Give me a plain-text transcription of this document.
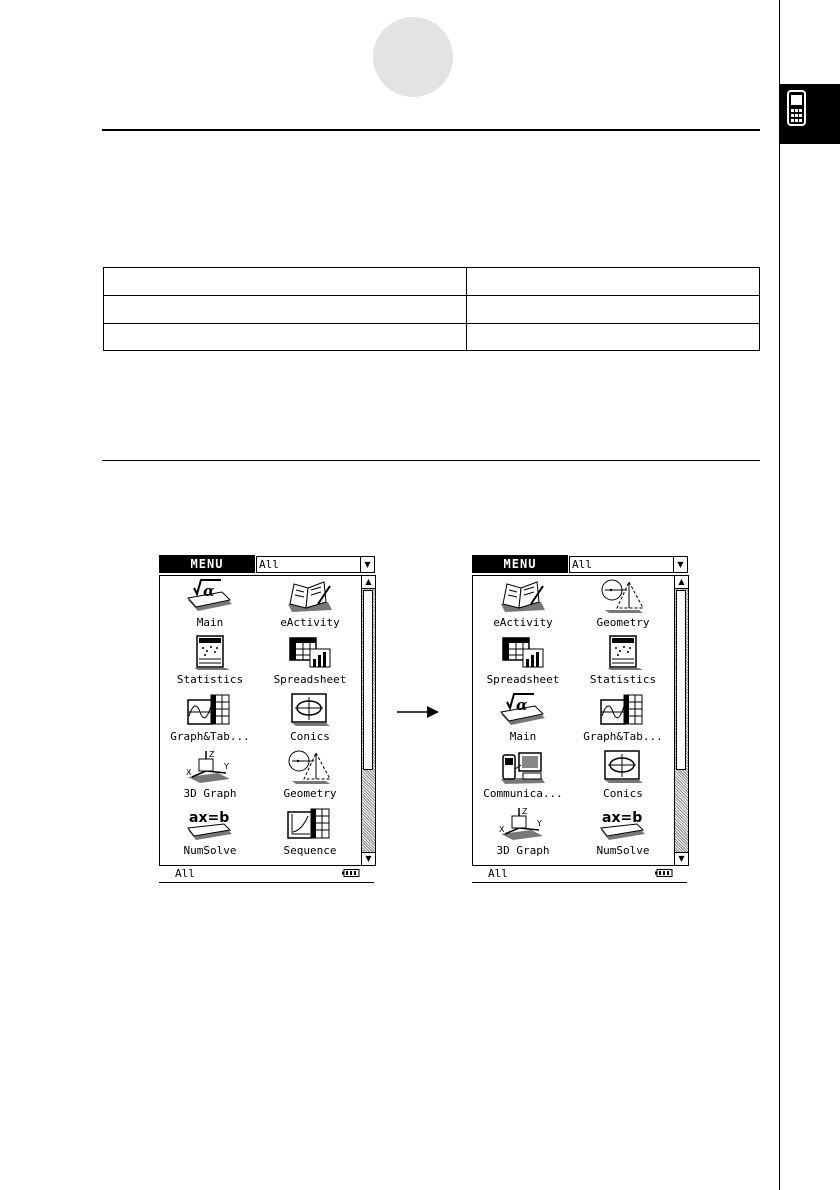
MENU	All	▼
α
Main	eActivity
Statistics	Spreadsheet
Graph&Tab...	Conics
Z
X
Y
3D Graph	Geometry
ax=b
NumSolve	Sequence
▲
▼
All
MENU	All	▼
eActivity	Geometry
Spreadsheet	Statistics
α
Main	Graph&Tab...
Communica...	Conics
Z
X
Y
3D Graph
ax=b
NumSolve
▲
▼
All
